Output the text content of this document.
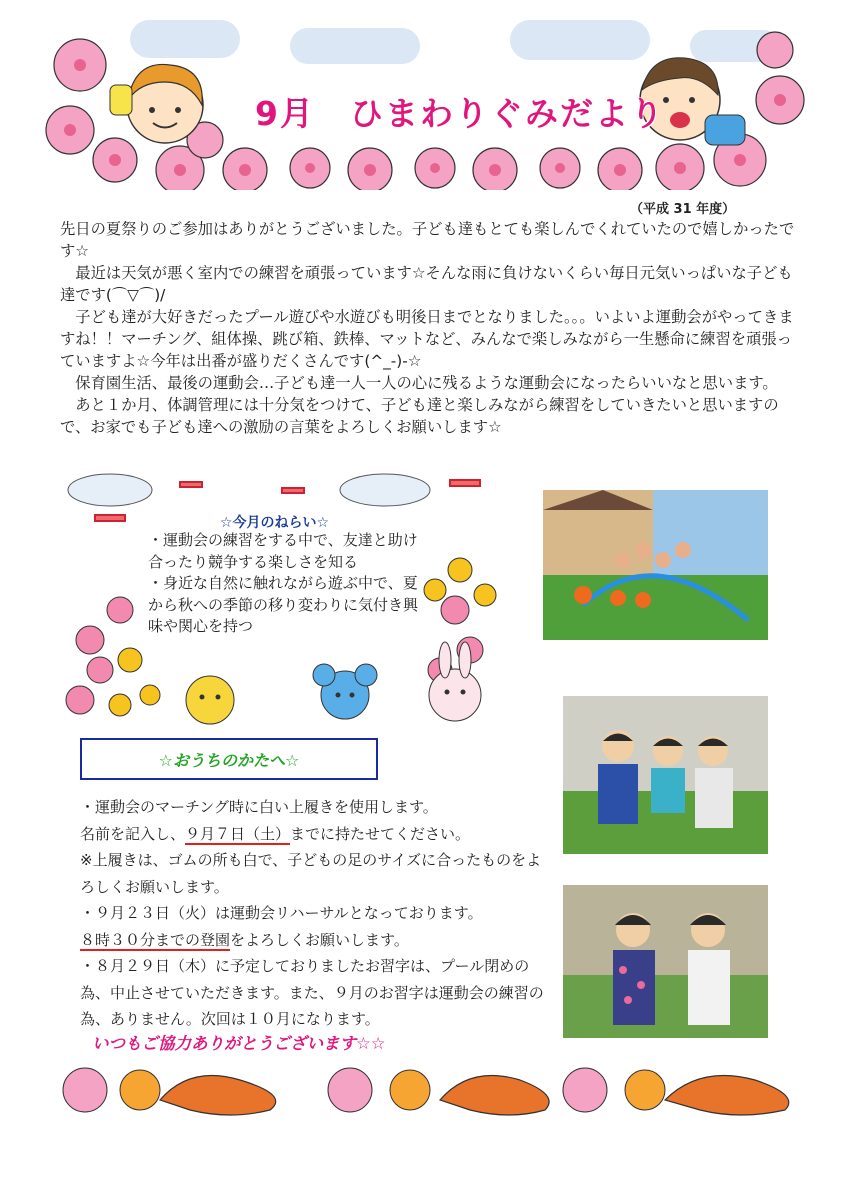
9月　ひまわりぐみだより
（平成 31 年度）

先日の夏祭りのご参加はありがとうございました。子ども達もとても楽しんでくれていたので嬉しかったです☆

最近は天気が悪く室内での練習を頑張っています☆そんな雨に負けないくらい毎日元気いっぱいな子ども達です(⌒▽⌒)/

子ども達が大好きだったプール遊びや水遊びも明後日までとなりました。。。いよいよ運動会がやってきますね！！マーチング、組体操、跳び箱、鉄棒、マットなど、みんなで楽しみながら一生懸命に練習を頑張っていますよ☆今年は出番が盛りだくさんです(^_-)-☆

保育園生活、最後の運動会…子ども達一人一人の心に残るような運動会になったらいいなと思います。

あと１か月、体調管理には十分気をつけて、子ども達と楽しみながら練習をしていきたいと思いますので、お家でも子ども達への激励の言葉をよろしくお願いします☆

☆今月のねらい☆

・運動会の練習をする中で、友達と助け合ったり競争する楽しさを知る

・身近な自然に触れながら遊ぶ中で、夏から秋への季節の移り変わりに気付き興味や関心を持つ

☆おうちのかたへ☆

・運動会のマーチング時に白い上履きを使用します。

名前を記入し、９月７日（土）までに持たせてください。

※上履きは、ゴムの所も白で、子どもの足のサイズに合ったものをよろしくお願いします。

・９月２３日（火）は運動会リハーサルとなっております。

８時３０分までの登園をよろしくお願いします。

・８月２９日（木）に予定しておりましたお習字は、プール閉めの為、中止させていただきます。また、９月のお習字は運動会の練習の為、ありません。次回は１０月になります。

いつもご協力ありがとうございます☆☆
